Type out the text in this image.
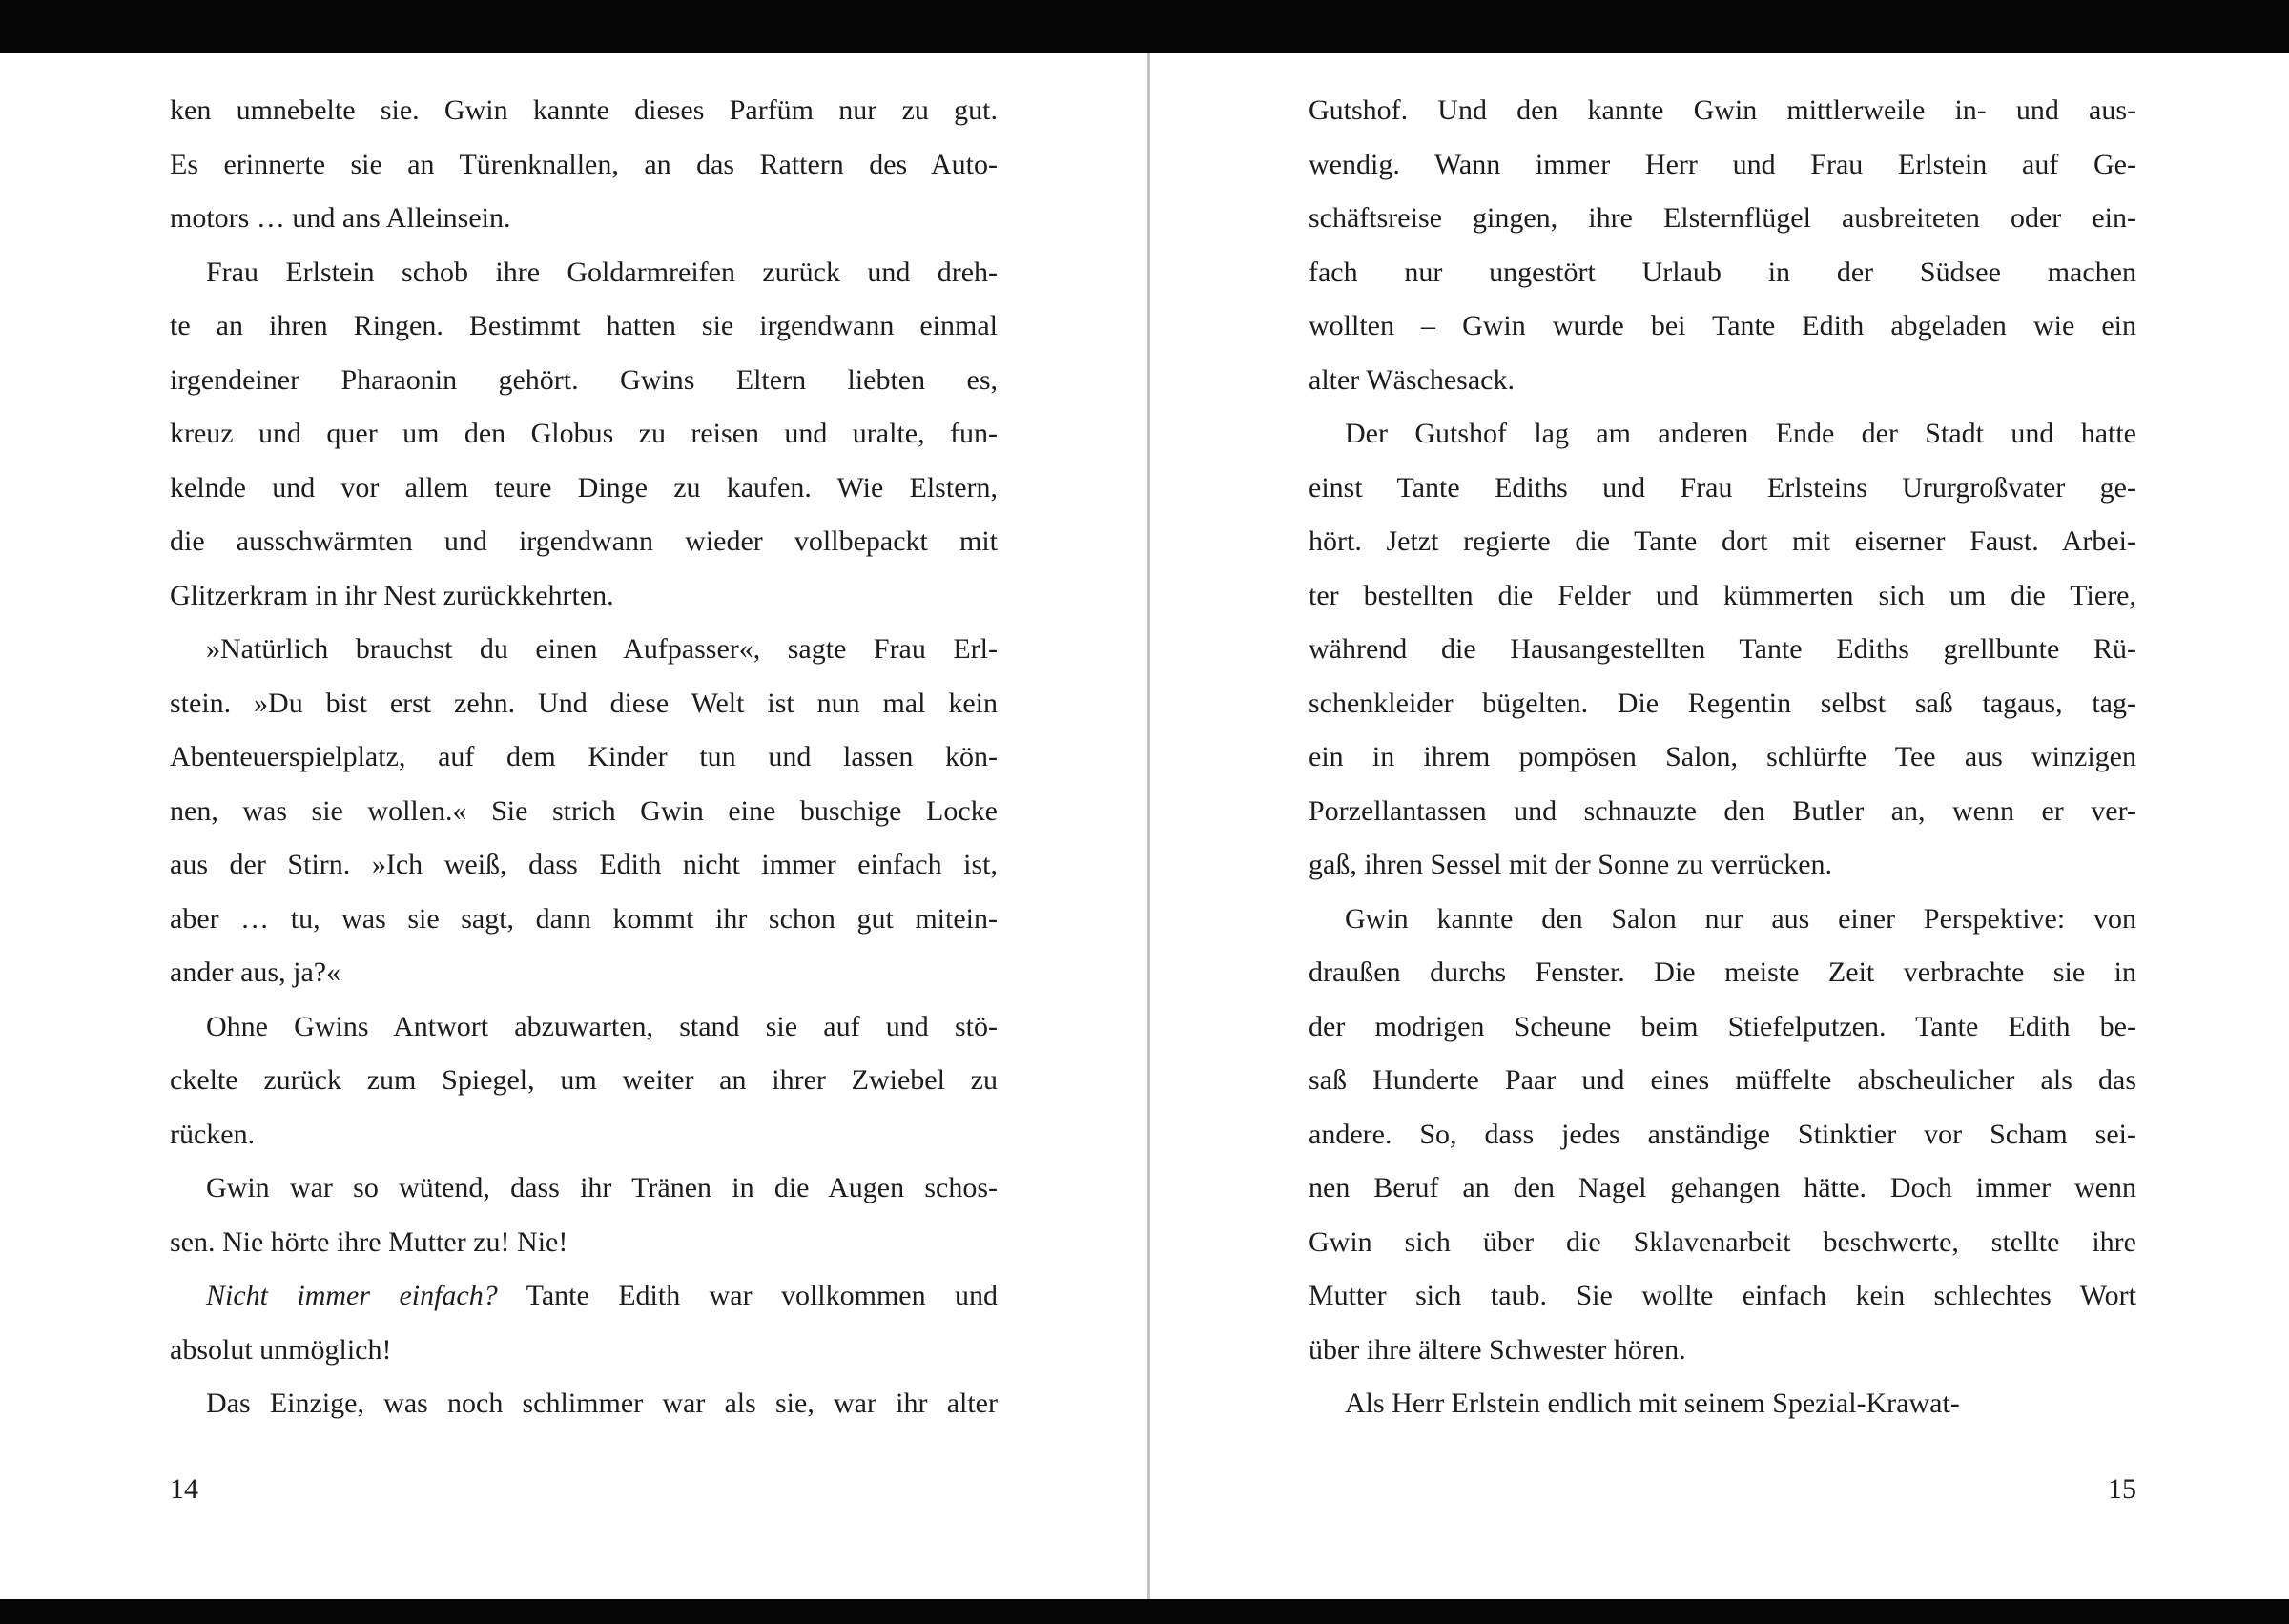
ken umnebelte sie. Gwin kannte dieses Parfüm nur zu gut.
Es erinnerte sie an Türenknallen, an das Rattern des Auto-
motors … und ans Alleinsein.
Frau Erlstein schob ihre Goldarmreifen zurück und dreh-
te an ihren Ringen. Bestimmt hatten sie irgendwann einmal
irgendeiner Pharaonin gehört. Gwins Eltern liebten es,
kreuz und quer um den Globus zu reisen und uralte, fun-
kelnde und vor allem teure Dinge zu kaufen. Wie Elstern,
die ausschwärmten und irgendwann wieder vollbepackt mit
Glitzerkram in ihr Nest zurückkehrten.
»Natürlich brauchst du einen Aufpasser«, sagte Frau Erl-
stein. »Du bist erst zehn. Und diese Welt ist nun mal kein
Abenteuerspielplatz, auf dem Kinder tun und lassen kön-
nen, was sie wollen.« Sie strich Gwin eine buschige Locke
aus der Stirn. »Ich weiß, dass Edith nicht immer einfach ist,
aber … tu, was sie sagt, dann kommt ihr schon gut mitein-
ander aus, ja?«
Ohne Gwins Antwort abzuwarten, stand sie auf und stö-
ckelte zurück zum Spiegel, um weiter an ihrer Zwiebel zu
rücken.
Gwin war so wütend, dass ihr Tränen in die Augen schos-
sen. Nie hörte ihre Mutter zu! Nie!
Nicht immer einfach? Tante Edith war vollkommen und
absolut unmöglich!
Das Einzige, was noch schlimmer war als sie, war ihr alter
14
Gutshof. Und den kannte Gwin mittlerweile in- und aus-
wendig. Wann immer Herr und Frau Erlstein auf Ge-
schäftsreise gingen, ihre Elsternflügel ausbreiteten oder ein-
fach nur ungestört Urlaub in der Südsee machen
wollten – Gwin wurde bei Tante Edith abgeladen wie ein
alter Wäschesack.
Der Gutshof lag am anderen Ende der Stadt und hatte
einst Tante Ediths und Frau Erlsteins Ururgroßvater ge-
hört. Jetzt regierte die Tante dort mit eiserner Faust. Arbei-
ter bestellten die Felder und kümmerten sich um die Tiere,
während die Hausangestellten Tante Ediths grellbunte Rü-
schenkleider bügelten. Die Regentin selbst saß tagaus, tag-
ein in ihrem pompösen Salon, schlürfte Tee aus winzigen
Porzellantassen und schnauzte den Butler an, wenn er ver-
gaß, ihren Sessel mit der Sonne zu verrücken.
Gwin kannte den Salon nur aus einer Perspektive: von
draußen durchs Fenster. Die meiste Zeit verbrachte sie in
der modrigen Scheune beim Stiefelputzen. Tante Edith be-
saß Hunderte Paar und eines müffelte abscheulicher als das
andere. So, dass jedes anständige Stinktier vor Scham sei-
nen Beruf an den Nagel gehangen hätte. Doch immer wenn
Gwin sich über die Sklavenarbeit beschwerte, stellte ihre
Mutter sich taub. Sie wollte einfach kein schlechtes Wort
über ihre ältere Schwester hören.
Als Herr Erlstein endlich mit seinem Spezial-Krawat-
15
